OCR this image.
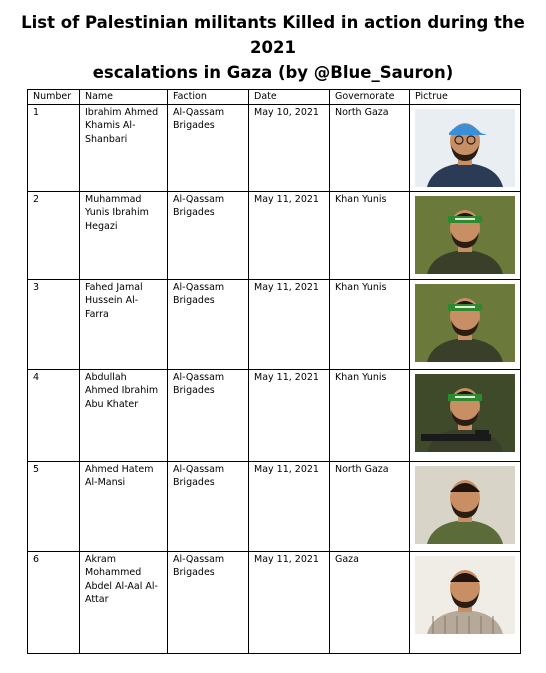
List of Palestinian militants Killed in action during the 2021
escalations in Gaza (by @Blue_Sauron)
Number	Name	Faction	Date	Governorate	Pictrue
1	Ibrahim Ahmed Khamis Al-Shanbari	Al-Qassam Brigades	May 10, 2021	North Gaza	

2	Muhammad Yunis Ibrahim Hegazi	Al-Qassam Brigades	May 11, 2021	Khan Yunis	

3	Fahed Jamal Hussein Al-Farra	Al-Qassam Brigades	May 11, 2021	Khan Yunis	

4	Abdullah Ahmed Ibrahim Abu Khater	Al-Qassam Brigades	May 11, 2021	Khan Yunis	

5	Ahmed Hatem Al-Mansi	Al-Qassam Brigades	May 11, 2021	North Gaza	

6	Akram Mohammed Abdel Al-Aal Al-Attar	Al-Qassam Brigades	May 11, 2021	Gaza	
